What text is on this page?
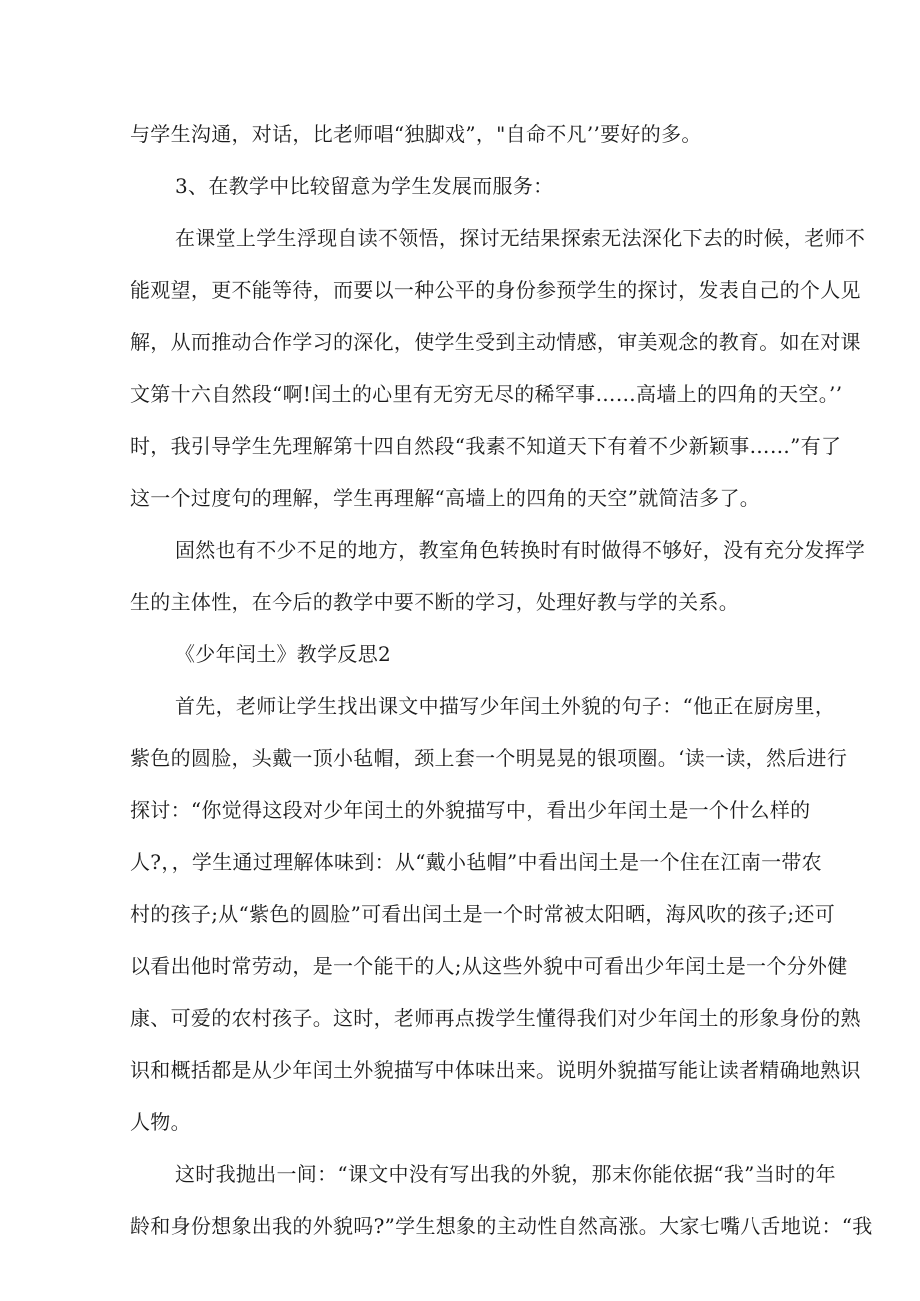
与学生沟通，对话，比老师唱“独脚戏”，"自命不凡’’要好的多。
3、在教学中比较留意为学生发展而服务：
在课堂上学生浮现自读不领悟，探讨无结果探索无法深化下去的时候，老师不
能观望，更不能等待，而要以一种公平的身份参预学生的探讨，发表自己的个人见
解，从而推动合作学习的深化，使学生受到主动情感，审美观念的教育。如在对课
文第十六自然段“啊!闰土的心里有无穷无尽的稀罕事……高墙上的四角的天空。’’
时，我引导学生先理解第十四自然段“我素不知道天下有着不少新颖事……”有了
这一个过度句的理解，学生再理解“高墙上的四角的天空”就简洁多了。
固然也有不少不足的地方，教室角色转换时有时做得不够好，没有充分发挥学
生的主体性，在今后的教学中要不断的学习，处理好教与学的关系。
《少年闰土》教学反思2
首先，老师让学生找出课文中描写少年闰土外貌的句子：“他正在厨房里，
紫色的圆脸，头戴一顶小毡帽，颈上套一个明晃晃的银项圈。‘读一读，然后进行
探讨：“你觉得这段对少年闰土的外貌描写中，看出少年闰土是一个什么样的
人?，，学生通过理解体味到：从“戴小毡帽”中看出闰土是一个住在江南一带农
村的孩子;从“紫色的圆脸”可看出闰土是一个时常被太阳晒，海风吹的孩子;还可
以看出他时常劳动，是一个能干的人;从这些外貌中可看出少年闰土是一个分外健
康、可爱的农村孩子。这时，老师再点拨学生懂得我们对少年闰土的形象身份的熟
识和概括都是从少年闰土外貌描写中体味出来。说明外貌描写能让读者精确地熟识
人物。
这时我抛出一间：“课文中没有写出我的外貌，那末你能依据“我”当时的年
龄和身份想象出我的外貌吗?”学生想象的主动性自然高涨。大家七嘴八舌地说：“我
